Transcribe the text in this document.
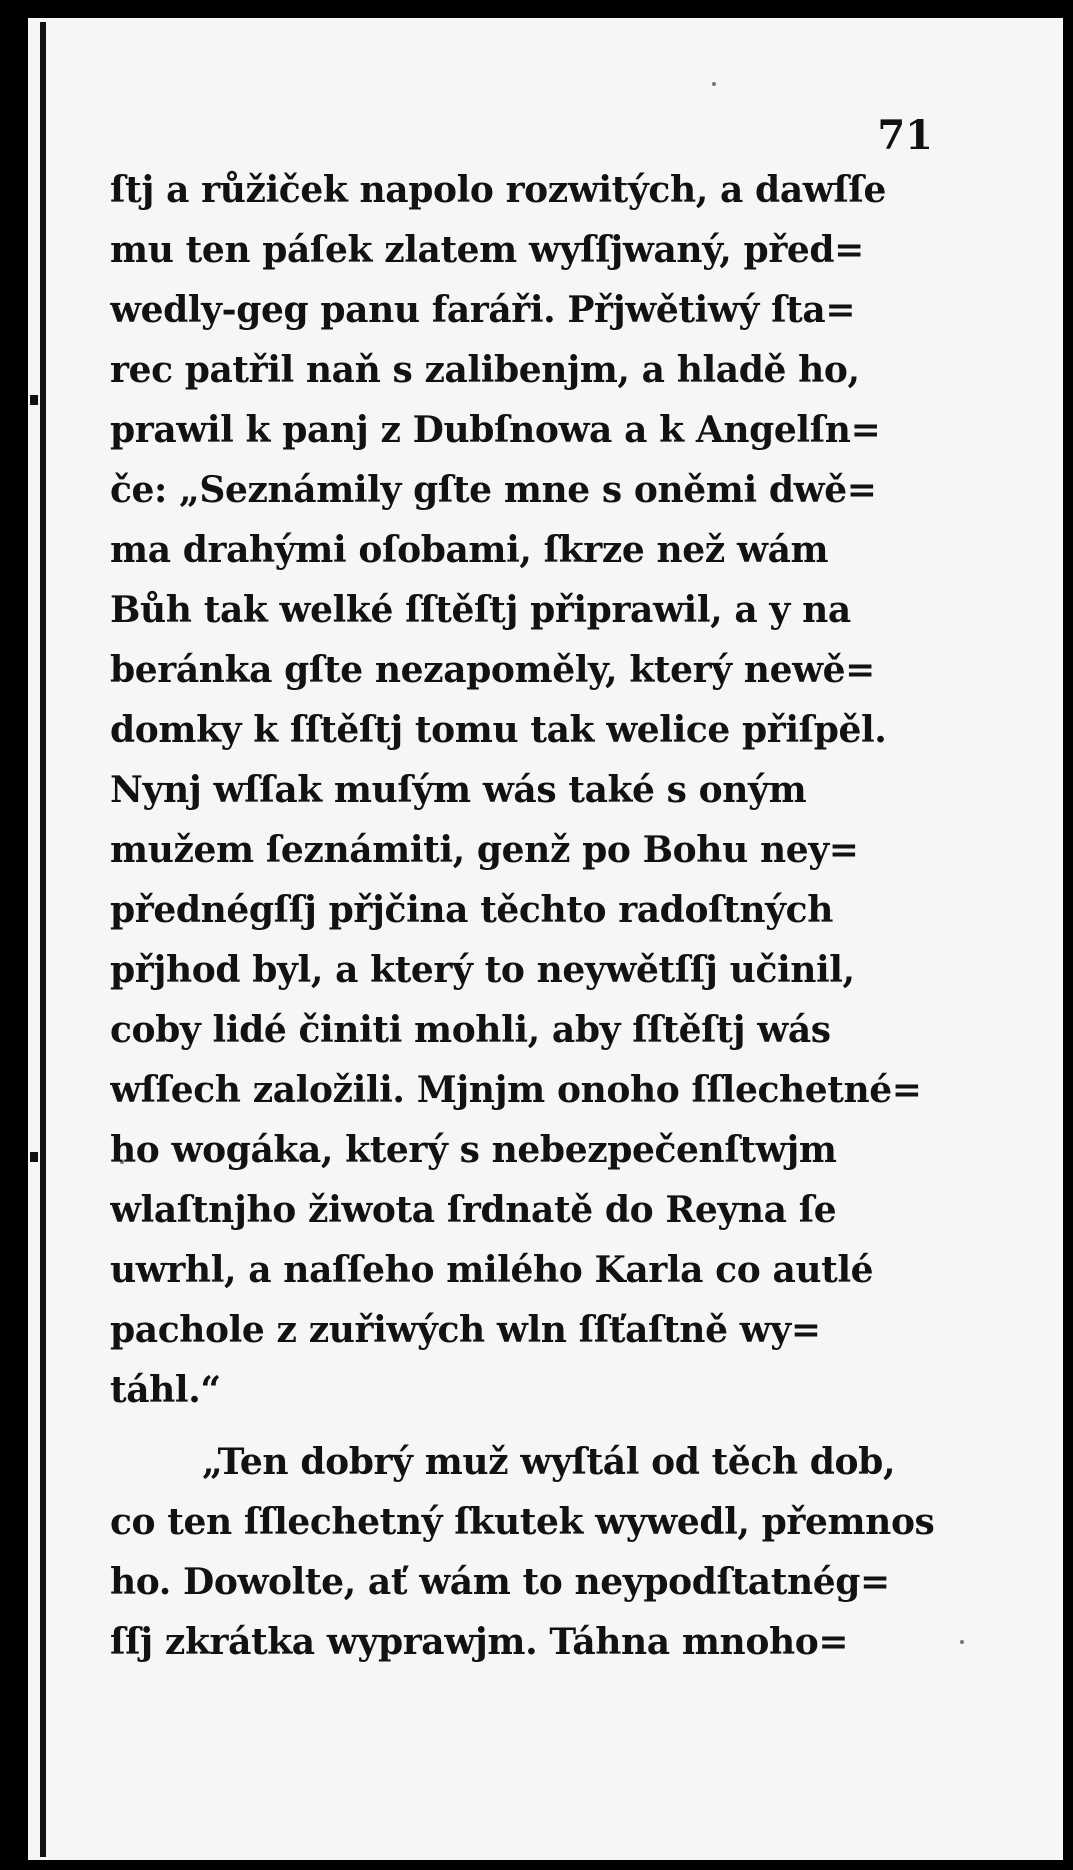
71
ſtj a růžiček napolo rozwitých, a dawſſe
mu ten páſek zlatem wyſſjwaný, před=
wedly-geg panu faráři. Přjwětiwý ſta=
rec patřil naň s zalibenjm, a hladě ho,
prawil k panj z Dubſnowa a k Angelſn=
če: „Seznámily gſte mne s oněmi dwě=
ma drahými oſobami, ſkrze než wám
Bůh tak welké ſſtěſtj připrawil, a y na
beránka gſte nezapoměly, který newě=
domky k ſſtěſtj tomu tak welice přiſpěl.
Nynj wſſak muſým wás také s oným
mužem ſeznámiti, genž po Bohu ney=
přednégſſj přjčina těchto radoſtných
přjhod byl, a který to neywětſſj učinil,
coby lidé činiti mohli, aby ſſtěſtj wás
wſſech založili. Mjnjm onoho ſſlechetné=
ho wogáka, který s nebezpečenſtwjm
wlaſtnjho žiwota ſrdnatě do Reyna ſe
uwrhl, a naſſeho milého Karla co autlé
pachole z zuřiwých wln ſſťaſtně wy=
táhl.“
„Ten dobrý muž wyſtál od těch dob,
co ten ſſlechetný ſkutek wywedl, přemnos
ho. Dowolte, ať wám to neypodſtatnég=
ſſj zkrátka wyprawjm. Táhna mnoho=
